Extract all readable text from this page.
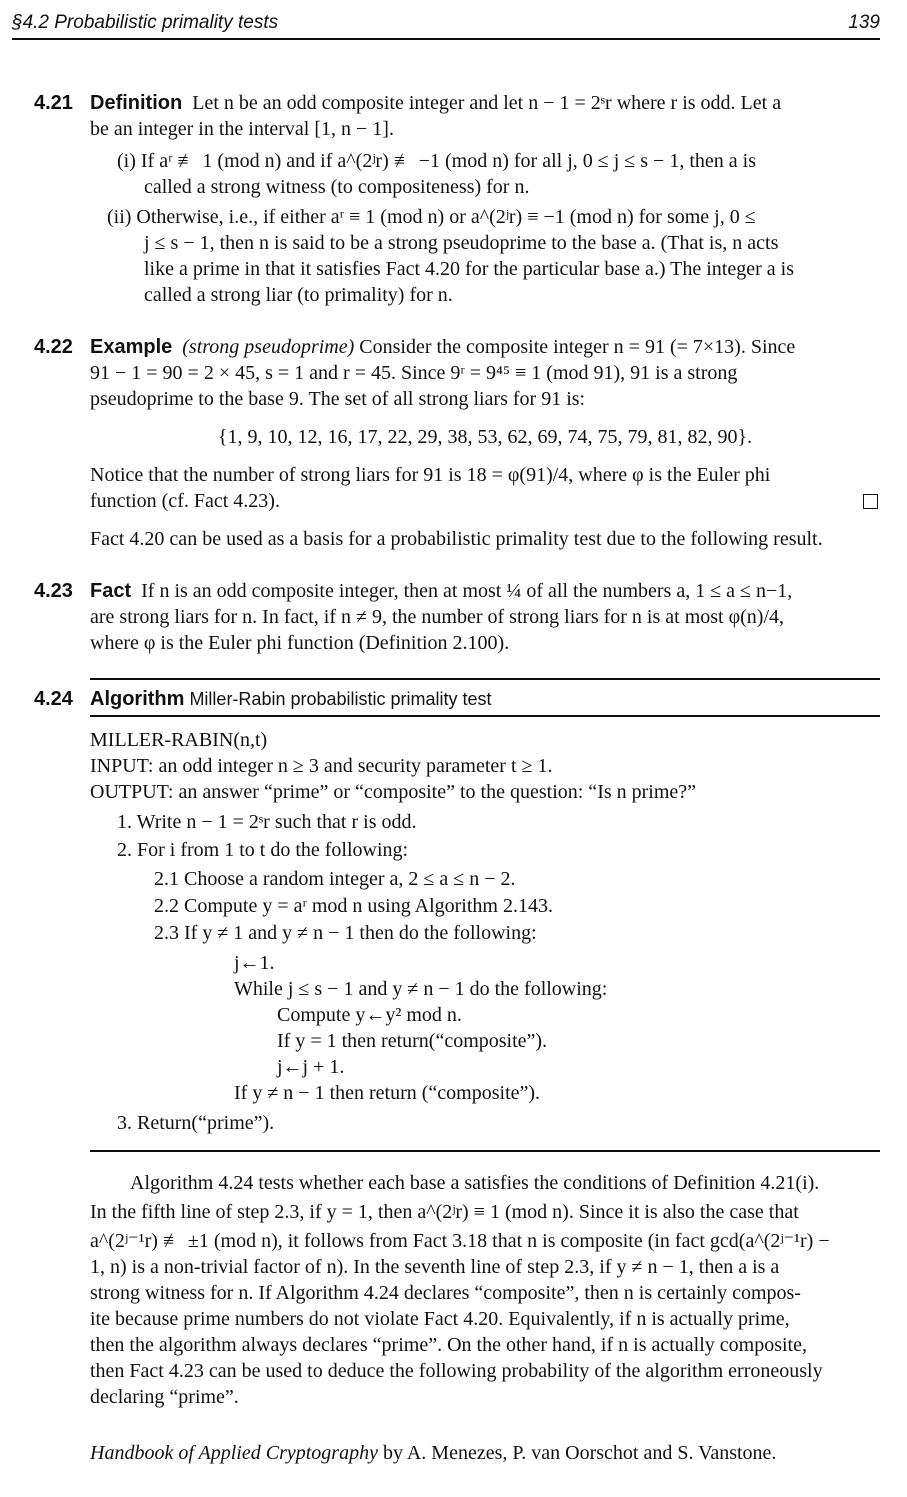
§4.2 Probabilistic primality tests	139
4.21 Definition Let n be an odd composite integer and let n − 1 = 2ˢr where r is odd. Let a
be an integer in the interval [1, n − 1].
(i) If aʳ ≢ 1 (mod n) and if a^(2ʲr) ≢ −1 (mod n) for all j, 0 ≤ j ≤ s − 1, then a is
called a strong witness (to compositeness) for n.
(ii) Otherwise, i.e., if either aʳ ≡ 1 (mod n) or a^(2ʲr) ≡ −1 (mod n) for some j, 0 ≤
j ≤ s − 1, then n is said to be a strong pseudoprime to the base a. (That is, n acts
like a prime in that it satisfies Fact 4.20 for the particular base a.) The integer a is
called a strong liar (to primality) for n.
4.22 Example (strong pseudoprime) Consider the composite integer n = 91 (= 7×13). Since
91 − 1 = 90 = 2 × 45, s = 1 and r = 45. Since 9ʳ = 9⁴⁵ ≡ 1 (mod 91), 91 is a strong
pseudoprime to the base 9. The set of all strong liars for 91 is:
{1, 9, 10, 12, 16, 17, 22, 29, 38, 53, 62, 69, 74, 75, 79, 81, 82, 90}.
Notice that the number of strong liars for 91 is 18 = φ(91)/4, where φ is the Euler phi
function (cf. Fact 4.23).
Fact 4.20 can be used as a basis for a probabilistic primality test due to the following result.
4.23 Fact If n is an odd composite integer, then at most ¼ of all the numbers a, 1 ≤ a ≤ n−1,
are strong liars for n. In fact, if n ≠ 9, the number of strong liars for n is at most φ(n)/4,
where φ is the Euler phi function (Definition 2.100).
4.24 Algorithm Miller-Rabin probabilistic primality test
MILLER-RABIN(n,t)
INPUT: an odd integer n ≥ 3 and security parameter t ≥ 1.
OUTPUT: an answer “prime” or “composite” to the question: “Is n prime?”
1. Write n − 1 = 2ˢr such that r is odd.
2. For i from 1 to t do the following:
2.1 Choose a random integer a, 2 ≤ a ≤ n − 2.
2.2 Compute y = aʳ mod n using Algorithm 2.143.
2.3 If y ≠ 1 and y ≠ n − 1 then do the following:
j←1.
While j ≤ s − 1 and y ≠ n − 1 do the following:
Compute y←y² mod n.
If y = 1 then return(“composite”).
j←j + 1.
If y ≠ n − 1 then return (“composite”).
3. Return(“prime”).
Algorithm 4.24 tests whether each base a satisfies the conditions of Definition 4.21(i).
In the fifth line of step 2.3, if y = 1, then a^(2ʲr) ≡ 1 (mod n). Since it is also the case that
a^(2ʲ⁻¹r) ≢ ±1 (mod n), it follows from Fact 3.18 that n is composite (in fact gcd(a^(2ʲ⁻¹r) −
1, n) is a non-trivial factor of n). In the seventh line of step 2.3, if y ≠ n − 1, then a is a
strong witness for n. If Algorithm 4.24 declares “composite”, then n is certainly compos-
ite because prime numbers do not violate Fact 4.20. Equivalently, if n is actually prime,
then the algorithm always declares “prime”. On the other hand, if n is actually composite,
then Fact 4.23 can be used to deduce the following probability of the algorithm erroneously
declaring “prime”.
Handbook of Applied Cryptography by A. Menezes, P. van Oorschot and S. Vanstone.
